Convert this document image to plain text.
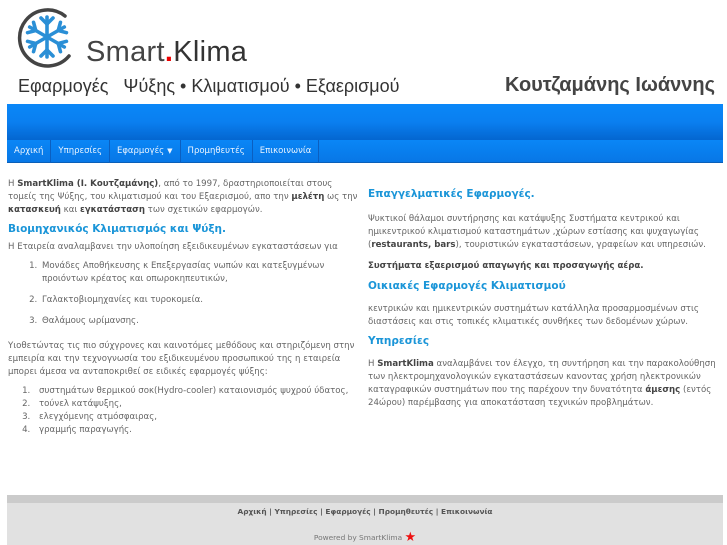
Smart.Klima
Εφαρμογές   Ψύξης • Κλιματισμού • Εξαερισμού	Κουτζαμάνης Ιωάννης
Αρχική	Υπηρεσίες	Εφαρμογές ▼	Προμηθευτές	Επικοινωνία

Η SmartKlima (Ι. Κουτζαμάνης), από το 1997, δραστηριοποιείται στους τομείς της Ψύξης, του κλιματισμού και του Εξαερισμού, απο την μελέτη ως την κατασκευή και εγκατάσταση των σχετικών εφαρμογών.

Βιομηχανικός Κλιματισμός και Ψύξη.

Η Εταιρεία αναλαμβανει την υλοποίηση εξειδικευμένων εγκαταστάσεων για

1. Μονάδες Αποθήκευσης κ Επεξεργασίας νωπών και κατεξυγμένων προιόντων κρέατος και οπωροκηπευτικών,
2. Γαλακτοβιομηχανίες και τυροκομεία.
3. Θαλάμους ωρίμανσης.

Υιοθετώντας τις πιο σύχγρονες και καινοτόμες μεθόδους και στηριζόμενη στην εμπειρία και την τεχνογνωσία του εξιδικευμένου προσωπικού της η εταιρεία μπορει άμεσα να ανταποκριθεί σε ειδικές εφαρμογές ψύξης:

1. συστημάτων θερμικού σοκ(Hydro-cooler) καταιονισμός ψυχρού ύδατος,
2. τούνελ κατάψυξης,
3. ελεγχόμενης ατμόσφαιρας,
4. γραμμής παραγωγής.
Επαγγελματικές Εφαρμογές.

Ψυκτικοί θάλαμοι συντήρησης και κατάψυξης Συστήματα κεντρικού και ημικεντρικού κλιματισμού καταστημάτων ,χώρων εστίασης και ψυχαγωγίας (restaurants, bars), τουριστικών εγκαταστάσεων, γραφείων και υπηρεσιών.

Συστήματα εξαερισμού απαγωγής και προσαγωγής αέρα.

Οικιακές Εφαρμογές Κλιματισμού

κεντρικών και ημικεντρικών συστημάτων κατάλληλα προσαρμοσμένων στις διαστάσεις και στις τοπικές κλιματικές συνθήκες των δεδομένων χώρων.

Υπηρεσίες

Η SmartKlima αναλαμβάνει τον έλεγχο, τη συντήρηση και την παρακολούθηση των ηλεκτρομηχανολογικών εγκαταστάσεων κανοντας χρήση ηλεκτρονικών καταγραφικών συστημάτων που της παρέχουν την δυνατότητα άμεσης (εντός 24ώρου) παρέμβασης για αποκατάσταση τεχνικών προβλημάτων.

Αρχική | Υπηρεσίες | Εφαρμογές | Προμηθευτές | Επικοινωνία
Powered by SmartKlima ★
